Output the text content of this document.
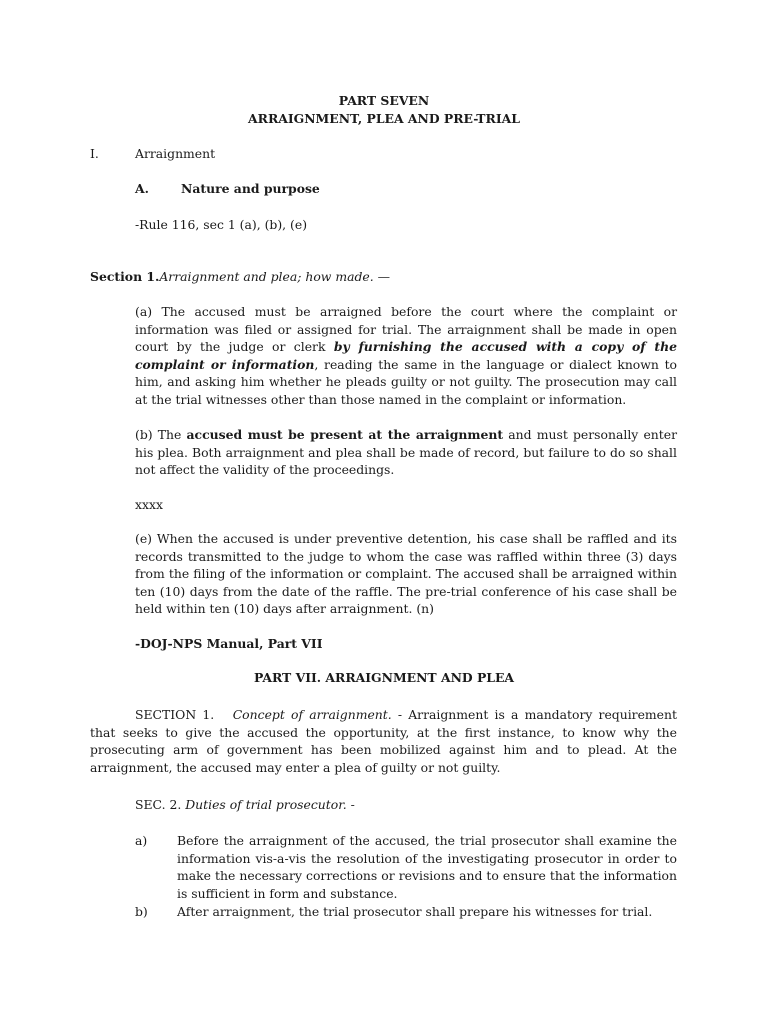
PART SEVEN
ARRAIGNMENT, PLEA AND PRE-TRIAL
I.	Arraignment
A.	Nature and purpose
-Rule 116, sec 1 (a), (b), (e)
Section 1.Arraignment and plea; how made. —
(a) The accused must be arraigned before the court where the complaint or information was filed or assigned for trial. The arraignment shall be made in open court by the judge or clerk by furnishing the accused with a copy of the complaint or information, reading the same in the language or dialect known to him, and asking him whether he pleads guilty or not guilty. The prosecution may call at the trial witnesses other than those named in the complaint or information.
(b) The accused must be present at the arraignment and must personally enter his plea. Both arraignment and plea shall be made of record, but failure to do so shall not affect the validity of the proceedings.
xxxx
(e) When the accused is under preventive detention, his case shall be raffled and its records transmitted to the judge to whom the case was raffled within three (3) days from the filing of the information or complaint. The accused shall be arraigned within ten (10) days from the date of the raffle. The pre-trial conference of his case shall be held within ten (10) days after arraignment. (n)
-DOJ-NPS Manual, Part VII
PART VII. ARRAIGNMENT AND PLEA
SECTION 1. Concept of arraignment. - Arraignment is a mandatory requirement that seeks to give the accused the opportunity, at the first instance, to know why the prosecuting arm of government has been mobilized against him and to plead. At the arraignment, the accused may enter a plea of guilty or not guilty.
SEC. 2. Duties of trial prosecutor. -
a) Before the arraignment of the accused, the trial prosecutor shall examine the information vis-a-vis the resolution of the investigating prosecutor in order to make the necessary corrections or revisions and to ensure that the information is sufficient in form and substance.
b) After arraignment, the trial prosecutor shall prepare his witnesses for trial.
